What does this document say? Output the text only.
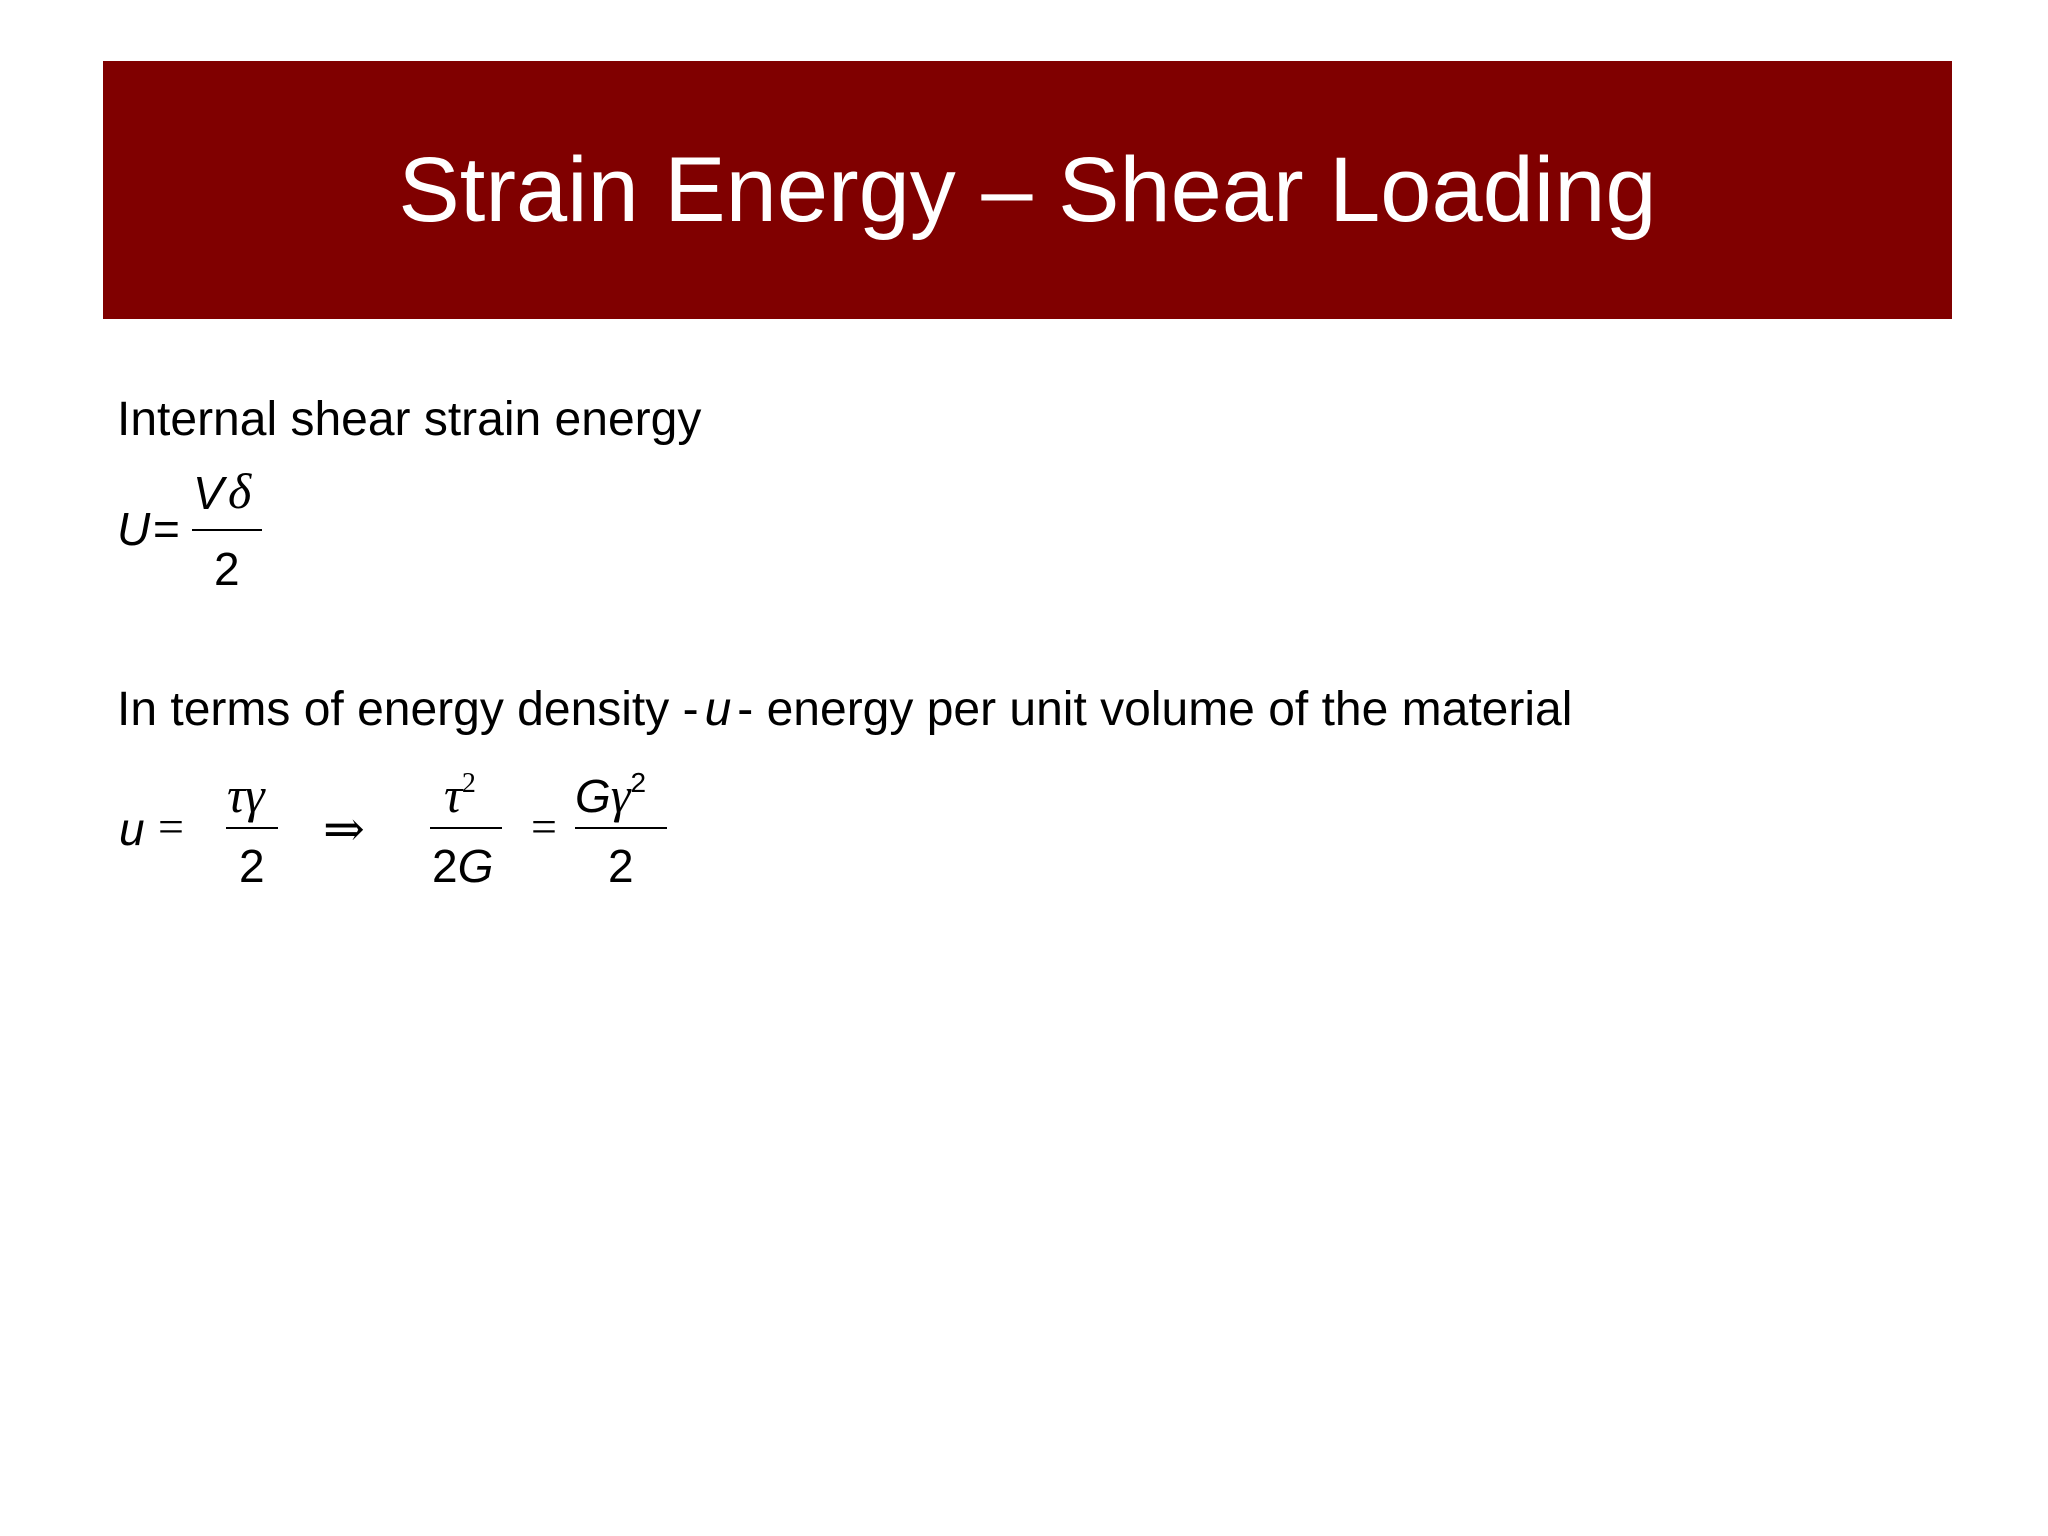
Strain Energy – Shear Loading
Internal shear strain energy
U =
V δ
2
In terms of energy density - u - energy per unit volume of the material
u =
τγ
2
⇒
$\tau^2$
2G
=
$G\gamma^2$
2
